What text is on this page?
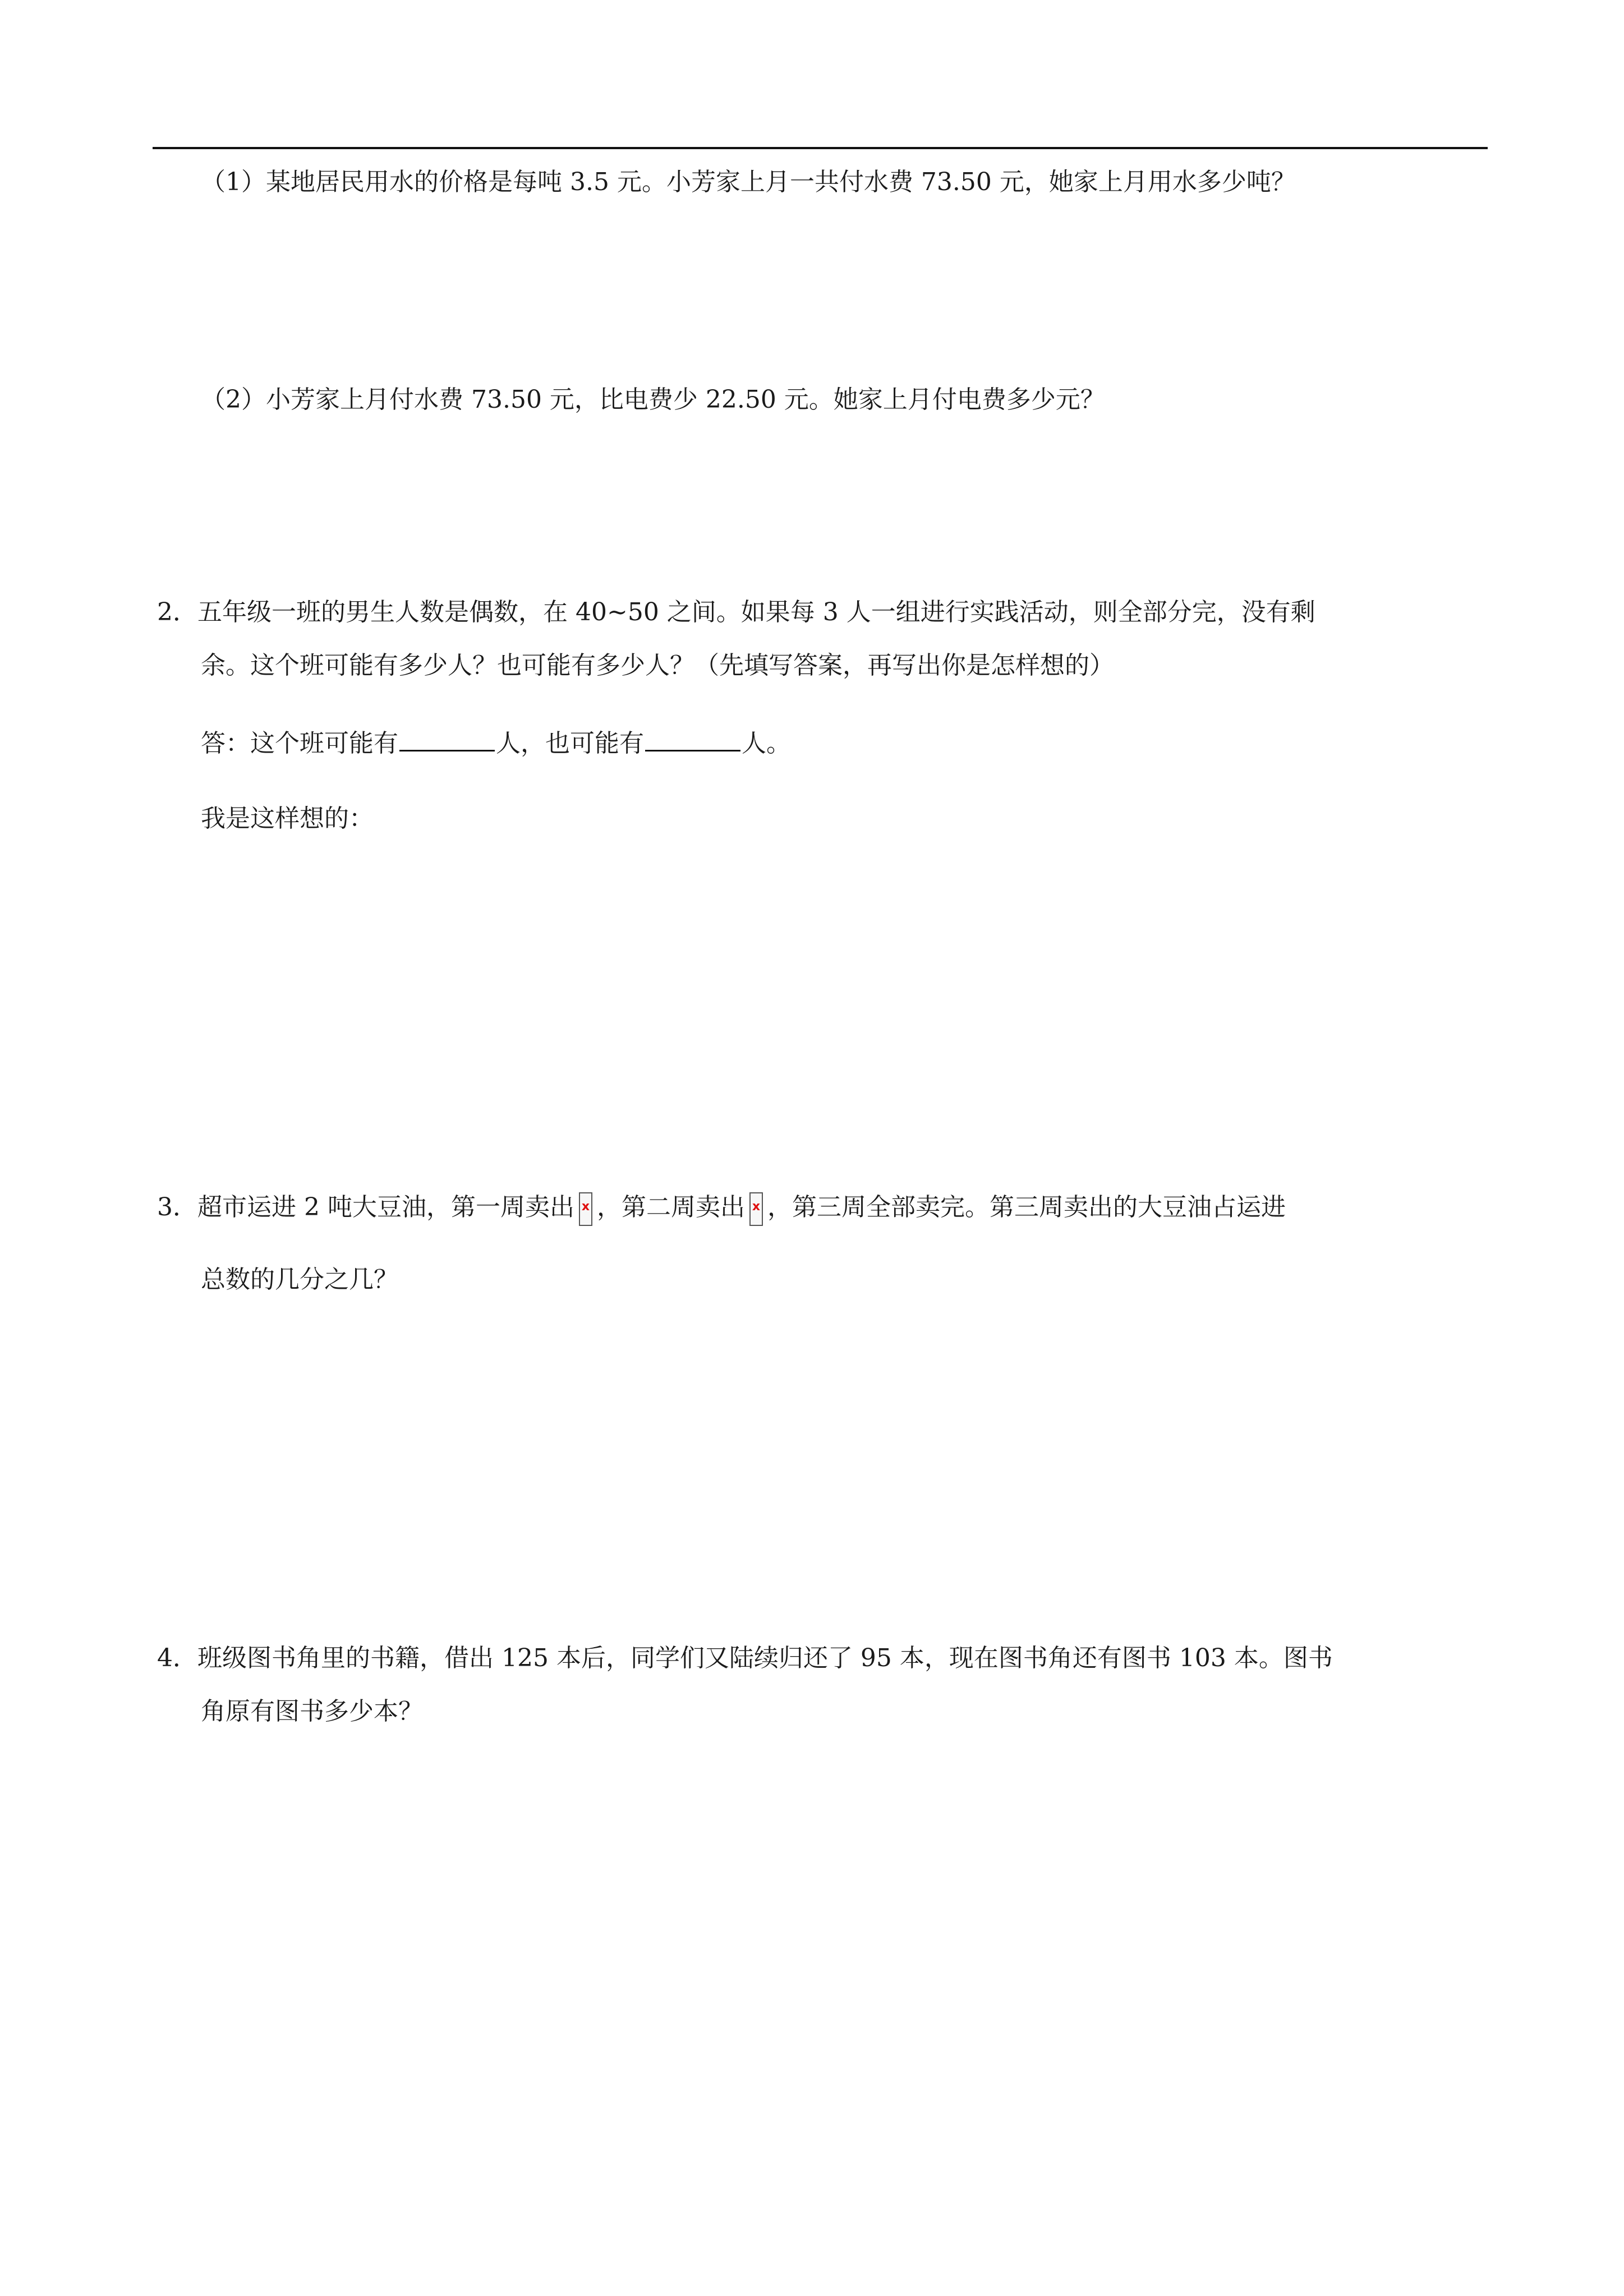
（1）某地居民用水的价格是每吨 3.5 元。小芳家上月一共付水费 73.50 元，她家上月用水多少吨？
（2）小芳家上月付水费 73.50 元，比电费少 22.50 元。她家上月付电费多少元？
2．五年级一班的男生人数是偶数，在 40~50 之间。如果每 3 人一组进行实践活动，则全部分完，没有剩
余。这个班可能有多少人？也可能有多少人？（先填写答案，再写出你是怎样想的）
答：这个班可能有	人，也可能有	人。
我是这样想的：
3．超市运进 2 吨大豆油，第一周卖出 x ，第二周卖出 x ，第三周全部卖完。第三周卖出的大豆油占运进
总数的几分之几？
4．班级图书角里的书籍，借出 125 本后，同学们又陆续归还了 95 本，现在图书角还有图书 103 本。图书
角原有图书多少本？
